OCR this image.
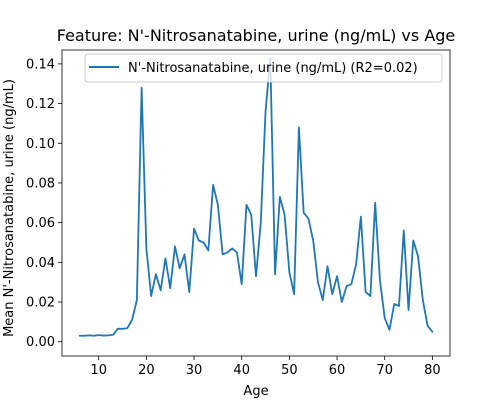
Feature: N'-Nitrosanatabine, urine (ng/mL) vs Age
10 20 30 40 50 60 70 80
0.00
0.02
0.04
0.06
0.08
0.10
0.12
0.14
Age
Mean N'-Nitrosanatabine, urine (ng/mL)
N'-Nitrosanatabine, urine (ng/mL) (R2=0.02)
